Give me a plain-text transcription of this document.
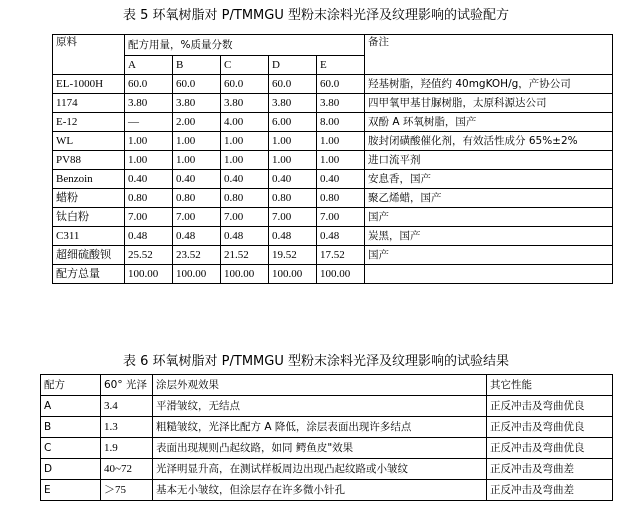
表 5 环氧树脂对 P/TMMGU 型粉末涂料光泽及纹理影响的试验配方
原料	配方用量，%质量分数					备注
	A	B	C	D	E	
EL-1000H	60.0	60.0	60.0	60.0	60.0	羟基树脂，羟值约 40mgKOH/g，产协公司
1174	3.80	3.80	3.80	3.80	3.80	四甲氧甲基甘脲树脂，太原科源达公司
E-12	—	2.00	4.00	6.00	8.00	双酚 A 环氧树脂，国产
WL	1.00	1.00	1.00	1.00	1.00	胺封闭磺酸催化剂，有效活性成分 65%±2%
PV88	1.00	1.00	1.00	1.00	1.00	进口流平剂
Benzoin	0.40	0.40	0.40	0.40	0.40	安息香，国产
蜡粉	0.80	0.80	0.80	0.80	0.80	聚乙烯蜡，国产
钛白粉	7.00	7.00	7.00	7.00	7.00	国产
C311	0.48	0.48	0.48	0.48	0.48	炭黑，国产
超细硫酸钡	25.52	23.52	21.52	19.52	17.52	国产
配方总量	100.00	100.00	100.00	100.00	100.00	
表 6 环氧树脂对 P/TMMGU 型粉末涂料光泽及纹理影响的试验结果
配方	60° 光泽	涂层外观效果	其它性能
A	3.4	平滑皱纹，无结点	正反冲击及弯曲优良
B	1.3	粗糙皱纹，光泽比配方 A 降低，涂层表面出现许多结点	正反冲击及弯曲优良
C	1.9	表面出现规则凸起纹路，如同 鳄鱼皮"效果	正反冲击及弯曲优良
D	40~72	光泽明显升高，在测试样板周边出现凸起纹路或小皱纹	正反冲击及弯曲差
E	＞75	基本无小皱纹，但涂层存在许多微小针孔	正反冲击及弯曲差
